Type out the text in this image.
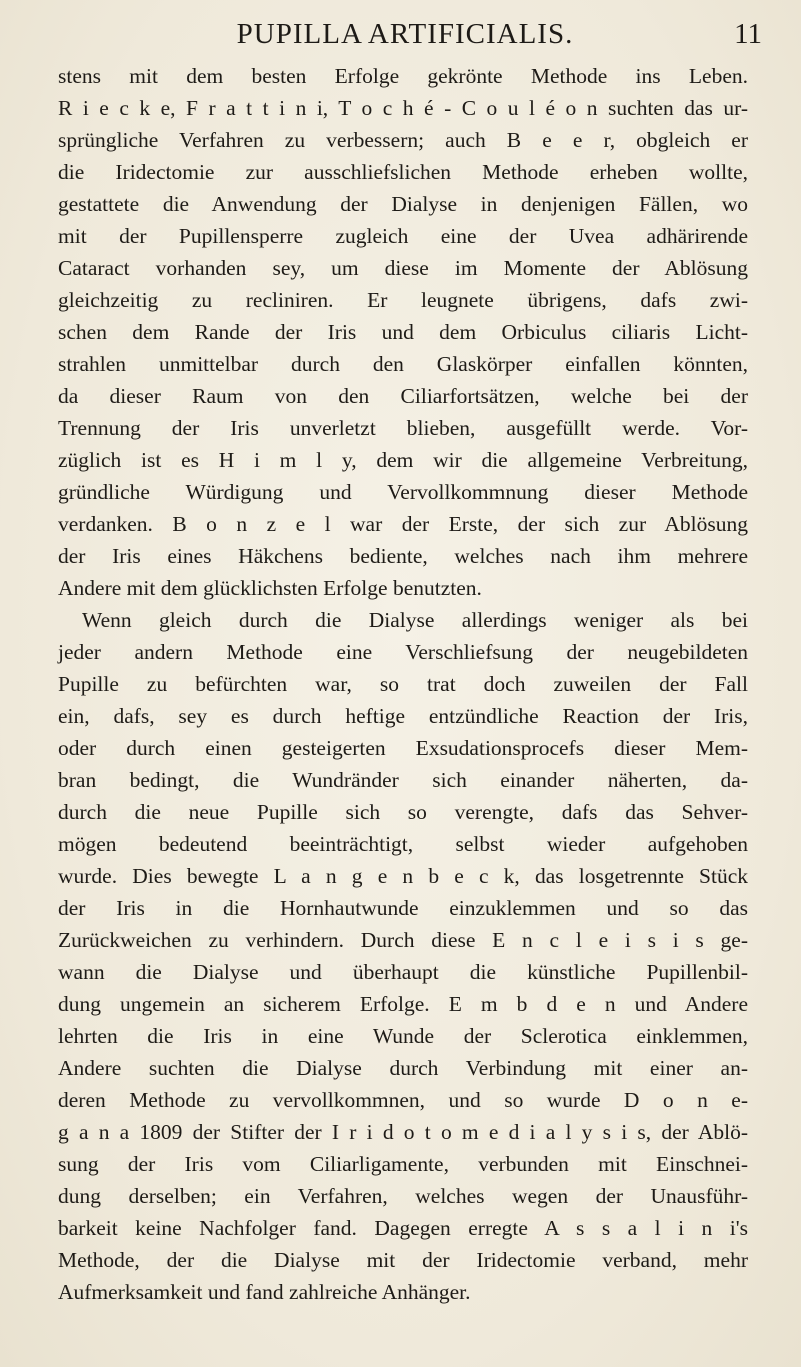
PUPILLA ARTIFICIALIS.	11
stens mit dem besten Erfolge gekrönte Methode ins Leben.
R i e c k e, F r a t t i n i, T o c h é - C o u l é o n suchten das ur-
sprüngliche Verfahren zu verbessern; auch B e e r, obgleich er
die Iridectomie zur ausschliefslichen Methode erheben wollte,
gestattete die Anwendung der Dialyse in denjenigen Fällen, wo
mit der Pupillensperre zugleich eine der Uvea adhärirende
Cataract vorhanden sey, um diese im Momente der Ablösung
gleichzeitig zu recliniren. Er leugnete übrigens, dafs zwi-
schen dem Rande der Iris und dem Orbiculus ciliaris Licht-
strahlen unmittelbar durch den Glaskörper einfallen könnten,
da dieser Raum von den Ciliarfortsätzen, welche bei der
Trennung der Iris unverletzt blieben, ausgefüllt werde. Vor-
züglich ist es H i m l y, dem wir die allgemeine Verbreitung,
gründliche Würdigung und Vervollkommnung dieser Methode
verdanken. B o n z e l war der Erste, der sich zur Ablösung
der Iris eines Häkchens bediente, welches nach ihm mehrere
Andere mit dem glücklichsten Erfolge benutzten.
Wenn gleich durch die Dialyse allerdings weniger als bei
jeder andern Methode eine Verschliefsung der neugebildeten
Pupille zu befürchten war, so trat doch zuweilen der Fall
ein, dafs, sey es durch heftige entzündliche Reaction der Iris,
oder durch einen gesteigerten Exsudationsprocefs dieser Mem-
bran bedingt, die Wundränder sich einander näherten, da-
durch die neue Pupille sich so verengte, dafs das Sehver-
mögen bedeutend beeinträchtigt, selbst wieder aufgehoben
wurde. Dies bewegte L a n g e n b e c k, das losgetrennte Stück
der Iris in die Hornhautwunde einzuklemmen und so das
Zurückweichen zu verhindern. Durch diese E n c l e i s i s ge-
wann die Dialyse und überhaupt die künstliche Pupillenbil-
dung ungemein an sicherem Erfolge. E m b d e n und Andere
lehrten die Iris in eine Wunde der Sclerotica einklemmen,
Andere suchten die Dialyse durch Verbindung mit einer an-
deren Methode zu vervollkommnen, und so wurde D o n e-
g a n a 1809 der Stifter der I r i d o t o m e d i a l y s i s, der Ablö-
sung der Iris vom Ciliarligamente, verbunden mit Einschnei-
dung derselben; ein Verfahren, welches wegen der Unausführ-
barkeit keine Nachfolger fand. Dagegen erregte A s s a l i n i's
Methode, der die Dialyse mit der Iridectomie verband, mehr
Aufmerksamkeit und fand zahlreiche Anhänger.
